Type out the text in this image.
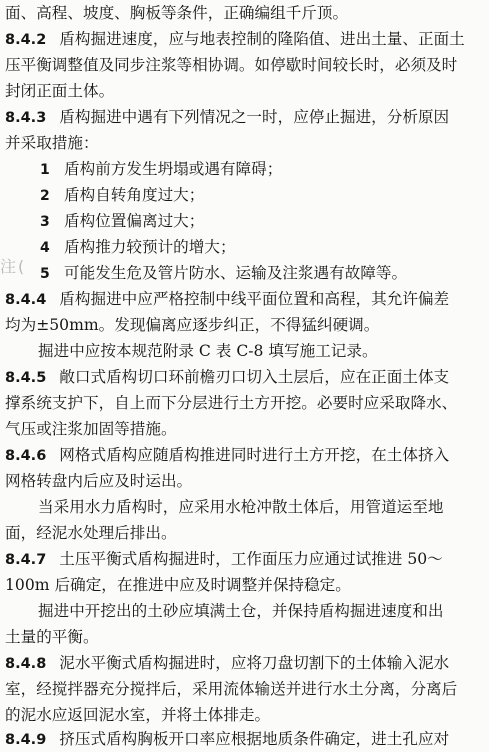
面、高程、坡度、胸板等条件，正确编组千斤顶。
8.4.2 盾构掘进速度，应与地表控制的隆陷值、进出土量、正面土
压平衡调整值及同步注浆等相协调。如停歇时间较长时，必须及时
封闭正面土体。
8.4.3 盾构掘进中遇有下列情况之一时，应停止掘进，分析原因
并采取措施：
1 盾构前方发生坍塌或遇有障碍；
2 盾构自转角度过大；
3 盾构位置偏离过大；
4 盾构推力较预计的增大；
5 可能发生危及管片防水、运输及注浆遇有故障等。
注(
8.4.4 盾构掘进中应严格控制中线平面位置和高程，其允许偏差
均为±50mm。发现偏离应逐步纠正，不得猛纠硬调。
掘进中应按本规范附录 C 表 C-8 填写施工记录。
8.4.5 敞口式盾构切口环前檐刃口切入土层后，应在正面土体支
撑系统支护下，自上而下分层进行土方开挖。必要时应采取降水、
气压或注浆加固等措施。
8.4.6 网格式盾构应随盾构推进同时进行土方开挖，在土体挤入
网格转盘内后应及时运出。
当采用水力盾构时，应采用水枪冲散土体后，用管道运至地
面，经泥水处理后排出。
8.4.7 土压平衡式盾构掘进时，工作面压力应通过试推进 50～
100m 后确定，在推进中应及时调整并保持稳定。
掘进中开挖出的土砂应填满土仓，并保持盾构掘进速度和出
土量的平衡。
8.4.8 泥水平衡式盾构掘进时，应将刀盘切割下的土体输入泥水
室，经搅拌器充分搅拌后，采用流体输送并进行水土分离，分离后
的泥水应返回泥水室，并将土体排走。
8.4.9 挤压式盾构胸板开口率应根据地质条件确定，进土孔应对
